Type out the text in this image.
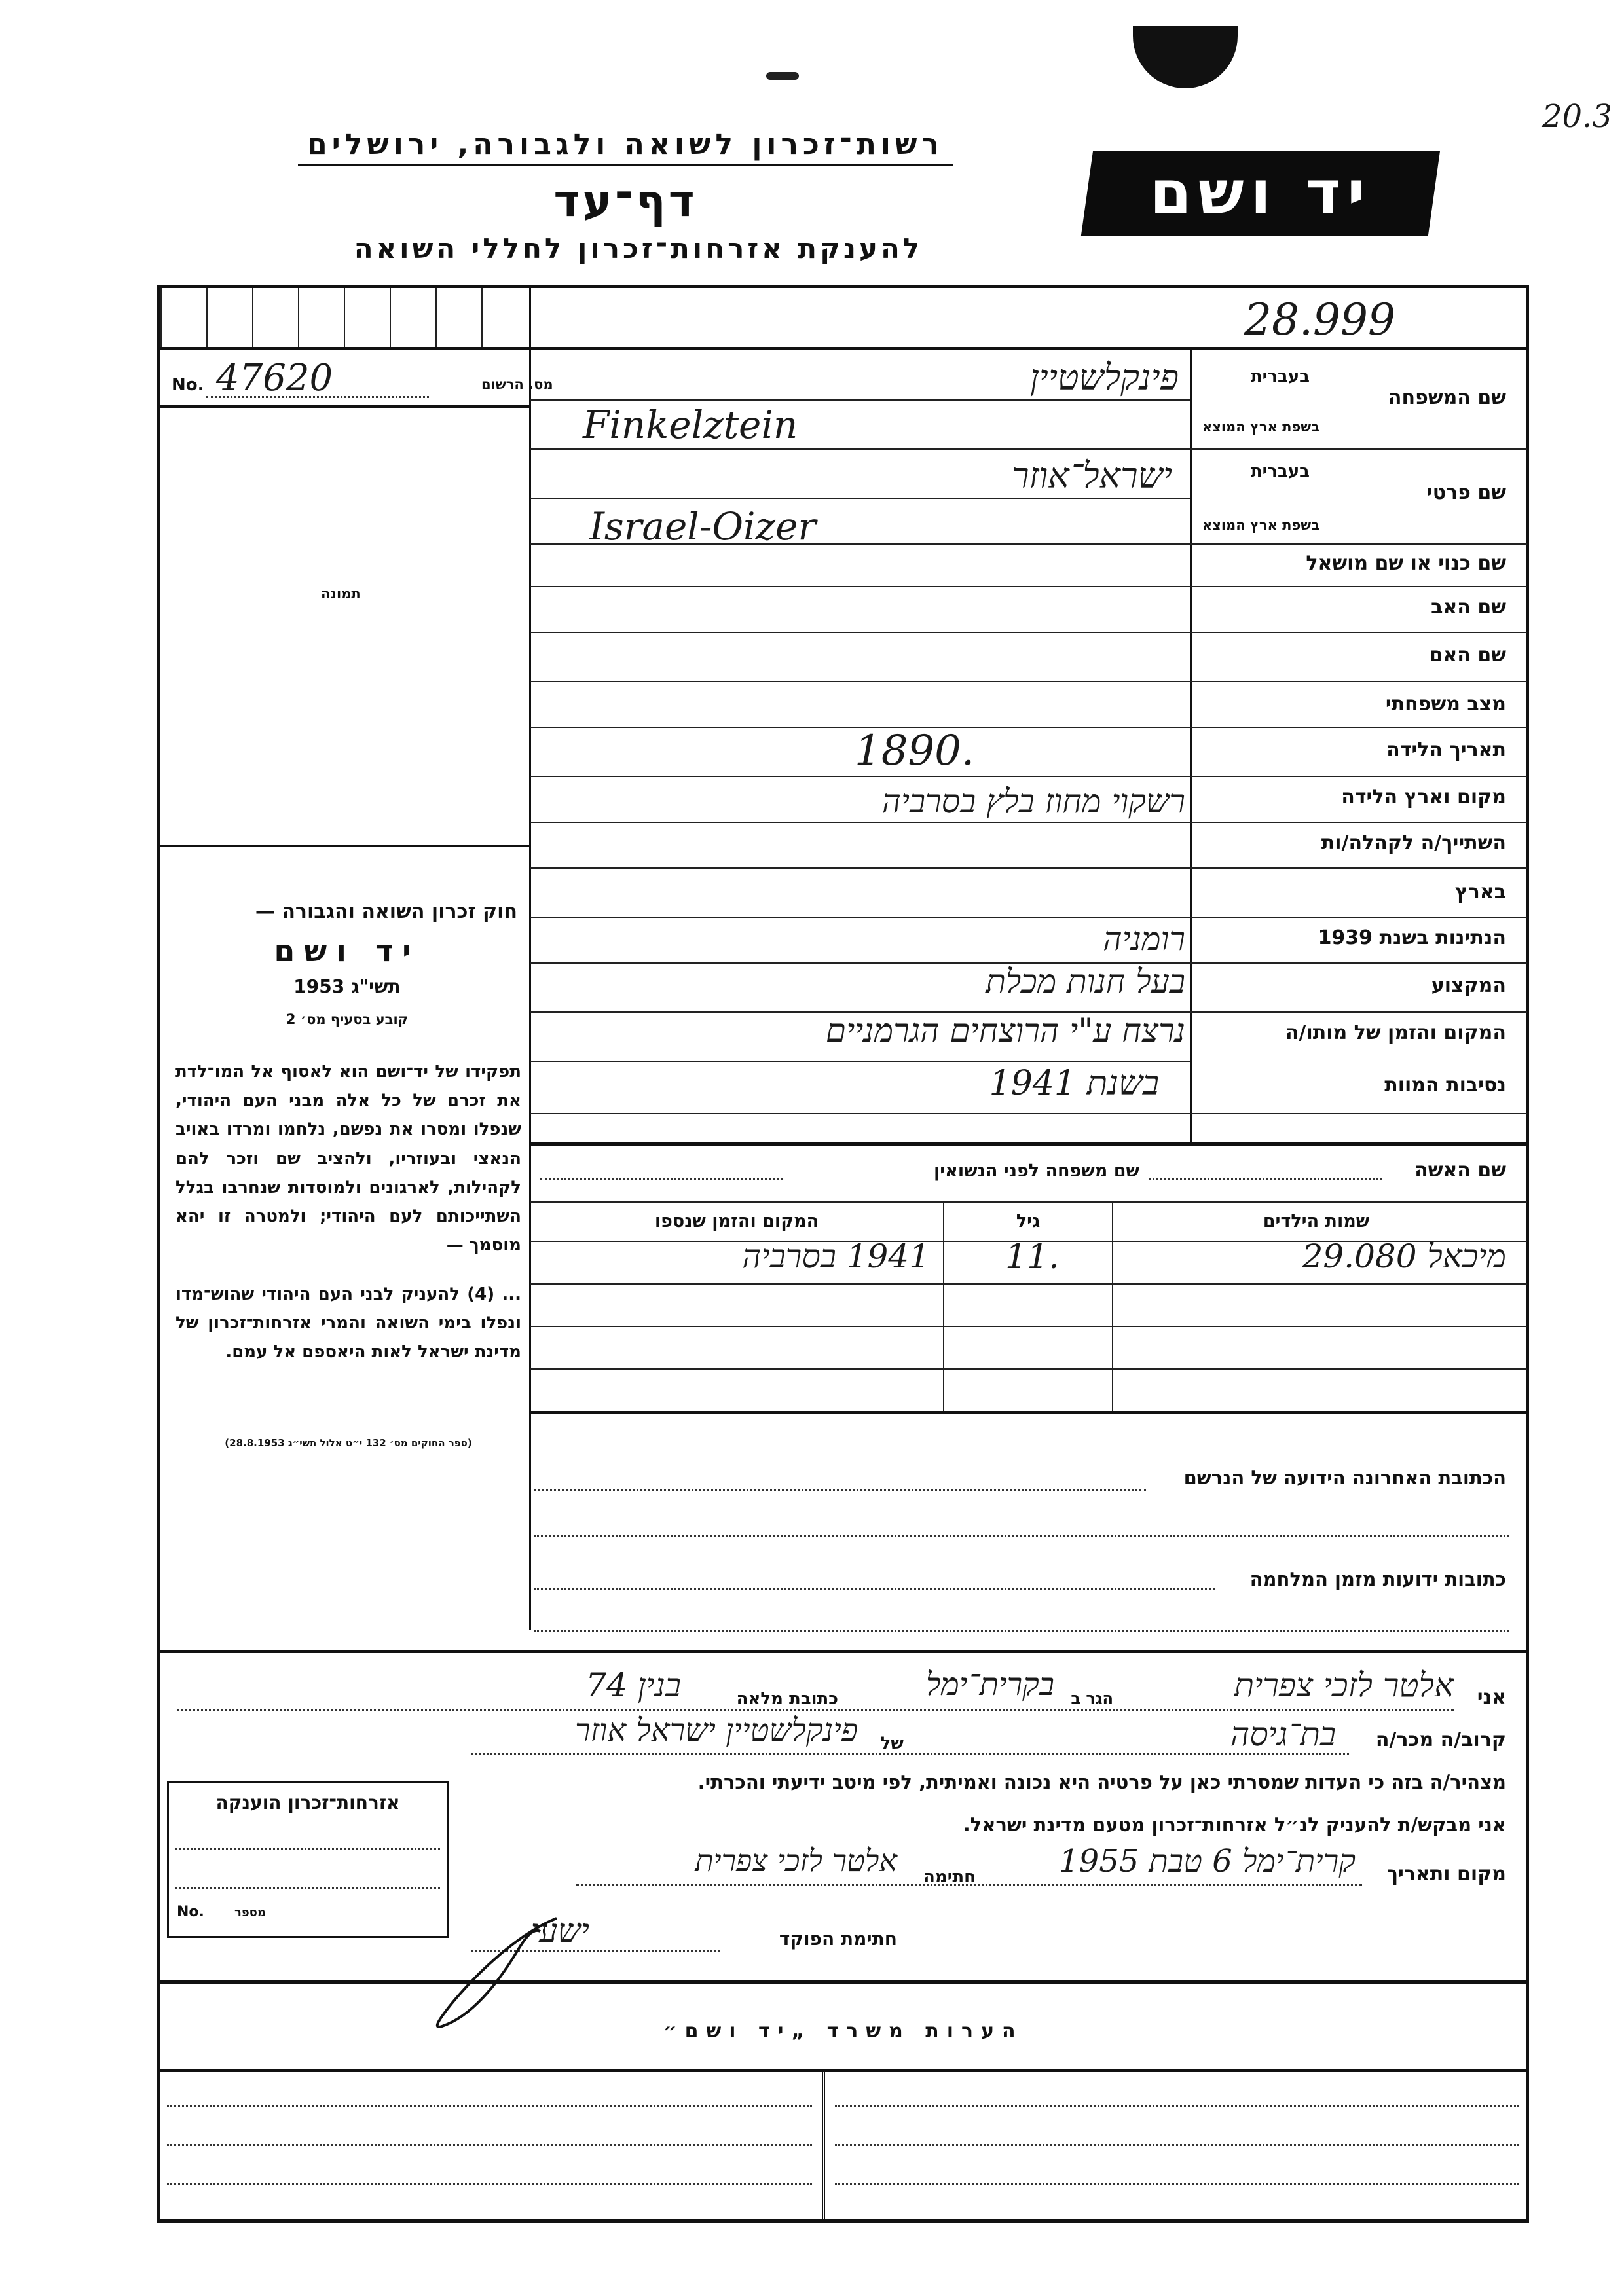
20.3
רשות־זכרון לשואה ולגבורה, ירושלים
דף־עד
להענקת אזרחות־זכרון לחללי השואה
יד ושם
28.999
מס. הרשום
No. 47620
תמונה
שם המשפחה
בעברית
בשפת ארץ המוצא
פינקלשטיין
Finkelztein
שם פרטי
בעברית
בשפת ארץ המוצא
ישראל־אוזר
Israel-Oizer
שם כנוי או שם מושאל
שם האב
שם האם
מצב משפחתי
תאריך הלידה
1890.
מקום וארץ הלידה
רשקוי מחוז בלץ בסרביה
השתייך/ה לקהלה/ות
בארץ
הנתינות בשנת 1939
רומניה
המקצוע
בעל חנות מכלת
המקום והזמן של מותו/ה
נרצח ע"י הרוצחים הגרמניים
נסיבות המוות
בשנת 1941
שם האשה
שם משפחה לפני הנשואין
שמות הילדים
גיל
המקום והזמן שנספו
מיכאל 29.080
11.
1941 בסרביה
חוק זכרון השואה והגבורה —
יד ושם
תשי"ג 1953
קובע בסעיף מס׳ 2
תפקידו של יד־ושם הוא לאסוף אל המו־לדת את זכרם של כל אלה מבני העם היהודי, שנפלו ומסרו את נפשם, נלחמו ומרדו באויב הנאצי ובעוזריו, ולהציב שם וזכר להם לקהילות, לארגונים ולמוסדות שנחרבו בגלל השתייכותם לעם היהודי; ולמטרה זו יהא מוסמך —
... (4) להעניק לבני העם היהודי שהוש־מדו ונפלו בימי השואה והמרי אזרחות־זכרון של מדינת ישראל לאות היאספם אל עמם.
(ספר החוקים מס׳ 132 י״ט אלול תשי״ג 28.8.1953)
הכתובת האחרונה הידועה של הנרשם
כתובות ידועות מזמן המלחמה
אני
אלטר לזכי צפרית
הגר ב
בקרית־ימל
כתובת מלאה
בנין 74
קרוב/ה מכר/ה
בת־גיסה
של
פינקלשטיין ישראל אוזר
מצהיר/ה בזה כי העדות שמסרתי כאן על פרטיה היא נכונה ואמיתית, לפי מיטב ידיעתי והכרתי.
אני מבקש/ת להעניק לנ״ל אזרחות־זכרון מטעם מדינת ישראל.
מקום ותאריך
קרית־ימל 6 טבת 1955
חתימה
אלטר לזכי צפרית
חתימת הפוקד
ישעי
אזרחות־זכרון הוענקה
No.	מספר
הערות משרד „יד ושם״
